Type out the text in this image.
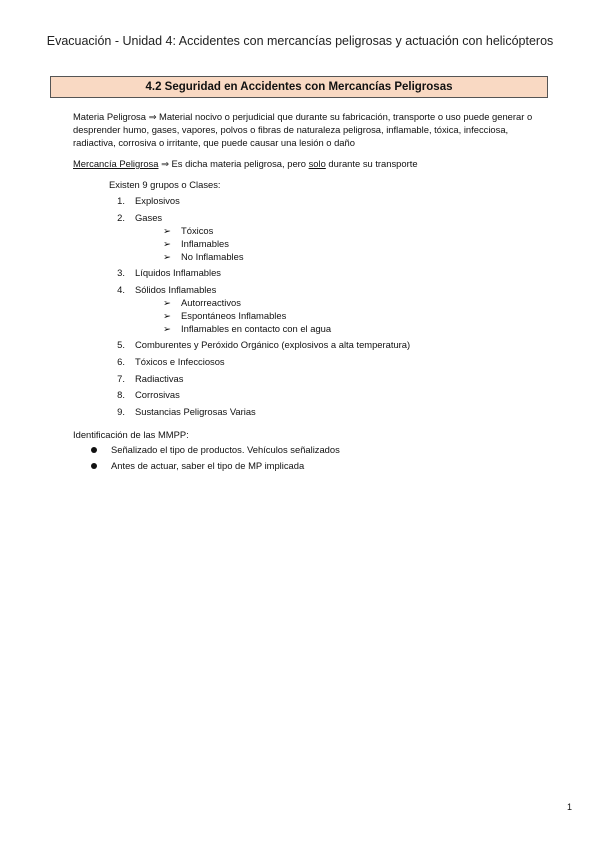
Evacuación - Unidad 4: Accidentes con mercancías peligrosas y actuación con helicópteros
4.2 Seguridad en Accidentes con Mercancías Peligrosas

Materia Peligrosa ⇒ Material nocivo o perjudicial que durante su fabricación, transporte o uso puede generar o desprender humo, gases, vapores, polvos o fibras de naturaleza peligrosa, inflamable, tóxica, infecciosa, radiactiva, corrosiva o irritante, que puede causar una lesión o daño

Mercancía Peligrosa ⇒ Es dicha materia peligrosa, pero solo durante su transporte

Existen 9 grupos o Clases:
1. Explosivos
2. Gases
➢ Tóxicos
➢ Inflamables
➢ No Inflamables
3. Líquidos Inflamables
4. Sólidos Inflamables
➢ Autorreactivos
➢ Espontáneos Inflamables
➢ Inflamables en contacto con el agua
5. Comburentes y Peróxido Orgánico (explosivos a alta temperatura)
6. Tóxicos e Infecciosos
7. Radiactivas
8. Corrosivas
9. Sustancias Peligrosas Varias
Identificación de las MMPP:
Señalizado el tipo de productos. Vehículos señalizados
Antes de actuar, saber el tipo de MP implicada
1
